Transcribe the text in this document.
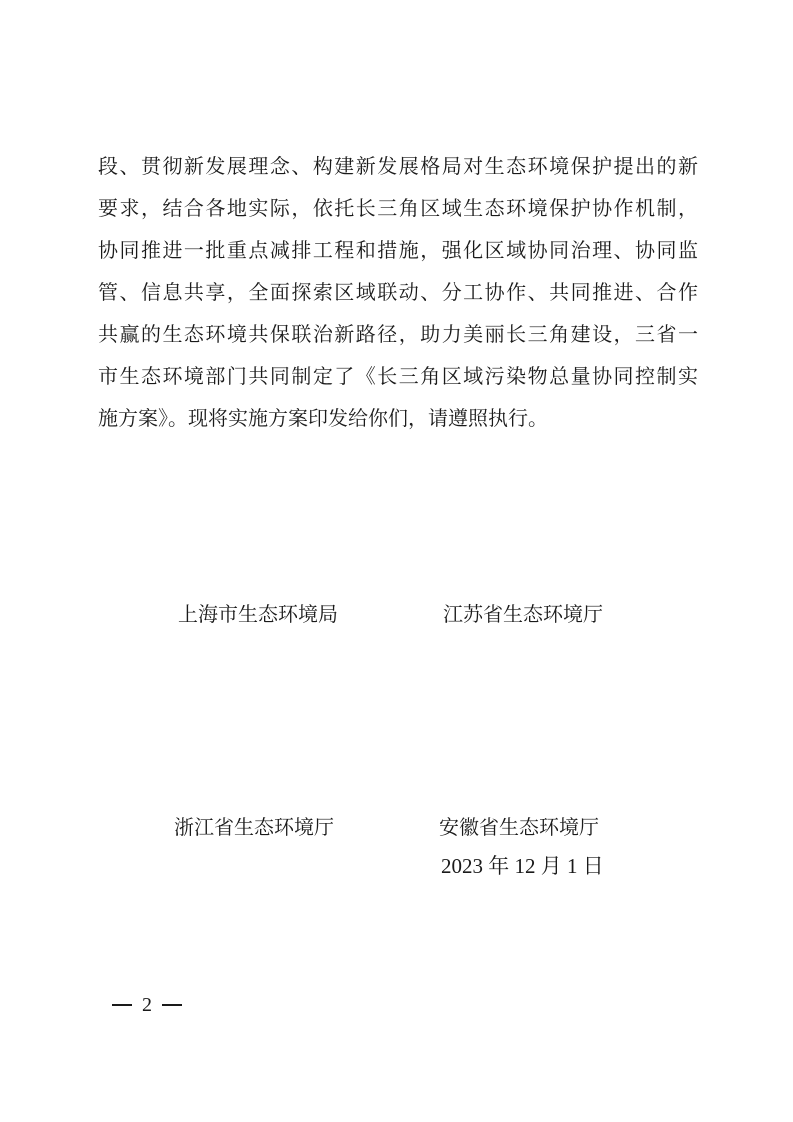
段、贯彻新发展理念、构建新发展格局对生态环境保护提出的新
要求，结合各地实际，依托长三角区域生态环境保护协作机制，
协同推进一批重点减排工程和措施，强化区域协同治理、协同监
管、信息共享，全面探索区域联动、分工协作、共同推进、合作
共赢的生态环境共保联治新路径，助力美丽长三角建设，三省一
市生态环境部门共同制定了《长三角区域污染物总量协同控制实
施方案》。现将实施方案印发给你们，请遵照执行。
上海市生态环境局	江苏省生态环境厅
浙江省生态环境厅	安徽省生态环境厅
2023 年 12 月 1 日
2
